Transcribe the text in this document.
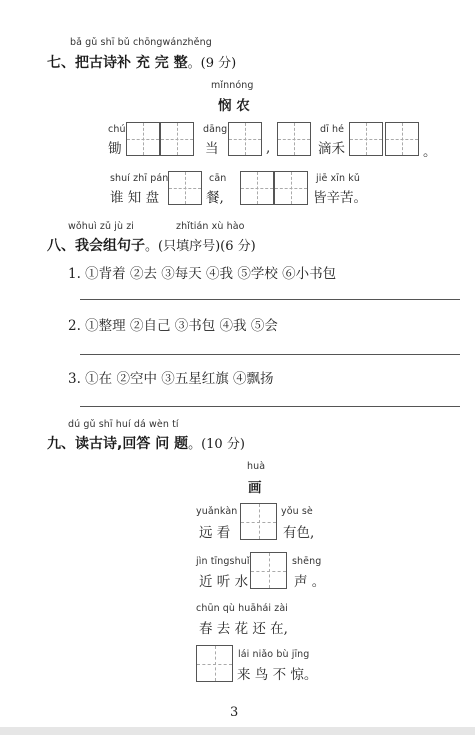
bǎ gǔ shī bǔ chōngwánzhěng
七、把古诗补 充 完 整。(9 分)
mǐnnóng
悯 农
chú
锄
dāng
当	,
dī hé
滴禾	。
shuí zhī pán
谁 知 盘
cān
餐,
jiē xīn kǔ
皆辛苦。
wǒhuì zǔ jù zi	zhǐtián xù hào
八、我会组句子。(只填序号)(6 分)
1. ①背着 ②去 ③每天 ④我 ⑤学校 ⑥小书包
2. ①整理 ②自己 ③书包 ④我 ⑤会
3. ①在 ②空中 ③五星红旗 ④飘扬
dú gǔ shī huí dá wèn tí
九、读古诗,回答 问 题。(10 分)
huà
画
yuǎnkàn
远 看
yǒu sè
有色,
jìn tīngshuǐ
近 听 水
shēng
声 。
chūn qù huāhái zài
春 去 花 还 在,
lái niǎo bù jīng
来 鸟 不 惊。
3
